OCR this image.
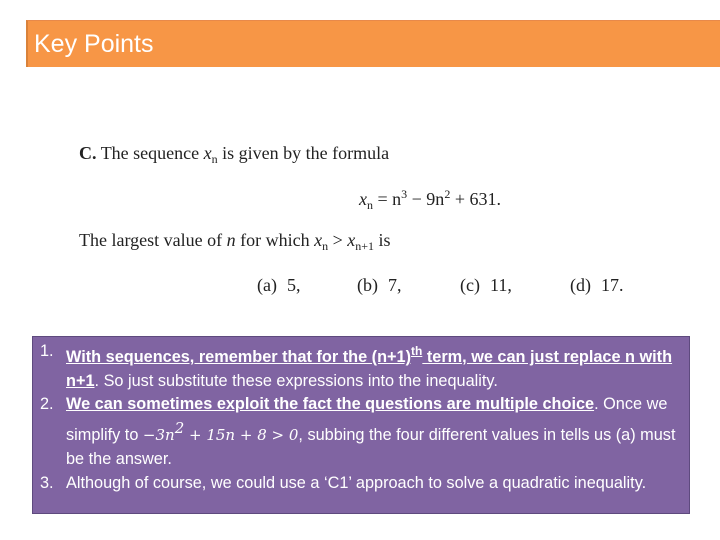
Key Points
C. The sequence $x_n$ is given by the formula
$x_n = n^3 - 9n^2 + 631$.
The largest value of n for which $x_n > x_{n+1}$ is
(a) 5,	(b) 7,	(c) 11,	(d) 17.
1. With sequences, remember that for the $(n+1)^{th}$ term, we can just replace n with n+1. So just substitute these expressions into the inequality.
2. We can sometimes exploit the fact the questions are multiple choice. Once we simplify to $-3n^2 + 15n + 8 > 0$, subbing the four different values in tells us (a) must be the answer.
3. Although of course, we could use a ‘C1’ approach to solve a quadratic inequality.
